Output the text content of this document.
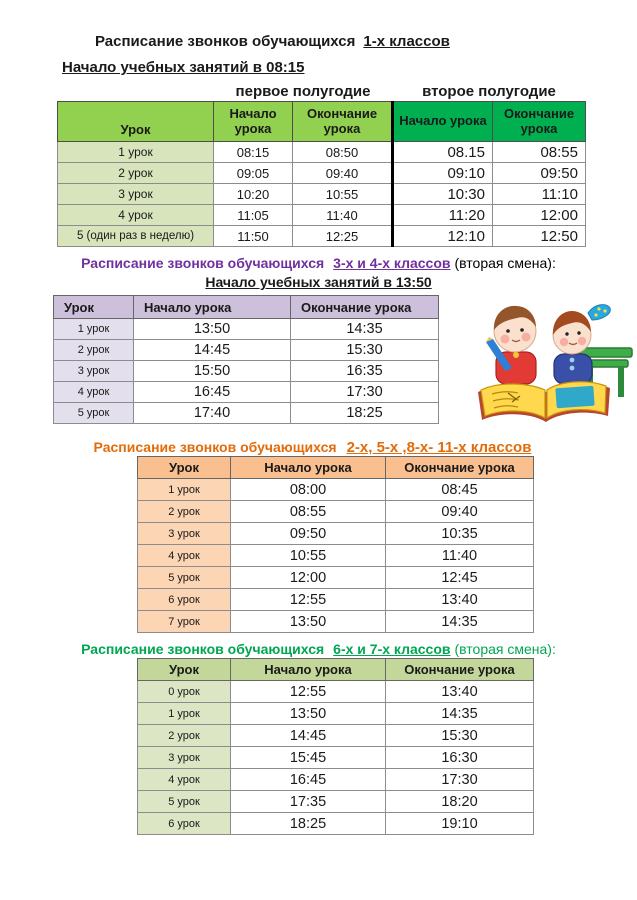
Расписание звонков обучающихся 1-х классов
Начало учебных занятий в 08:15
первое полугодие	второе полугодие
Урок	Начало урока	Окончание урока	Начало урока	Окончание урока
1 урок	08:15	08:50	08.15	08:55
2 урок	09:05	09:40	09:10	09:50
3 урок	10:20	10:55	10:30	11:10
4 урок	11:05	11:40	11:20	12:00
5 (один раз в неделю)	11:50	12:25	12:10	12:50
Расписание звонков обучающихся 3-х и 4-х классов (вторая смена):
Начало учебных занятий в 13:50
Урок	Начало урока	Окончание урока
1 урок	13:50	14:35
2 урок	14:45	15:30
3 урок	15:50	16:35
4 урок	16:45	17:30
5 урок	17:40	18:25
Расписание звонков обучающихся 2-х, 5-х ,8-х- 11-х классов
Урок	Начало урока	Окончание урока
1 урок	08:00	08:45
2 урок	08:55	09:40
3 урок	09:50	10:35
4 урок	10:55	11:40
5 урок	12:00	12:45
6 урок	12:55	13:40
7 урок	13:50	14:35
Расписание звонков обучающихся 6-х и 7-х классов (вторая смена):
Урок	Начало урока	Окончание урока
0 урок	12:55	13:40
1 урок	13:50	14:35
2 урок	14:45	15:30
3 урок	15:45	16:30
4 урок	16:45	17:30
5 урок	17:35	18:20
6 урок	18:25	19:10
